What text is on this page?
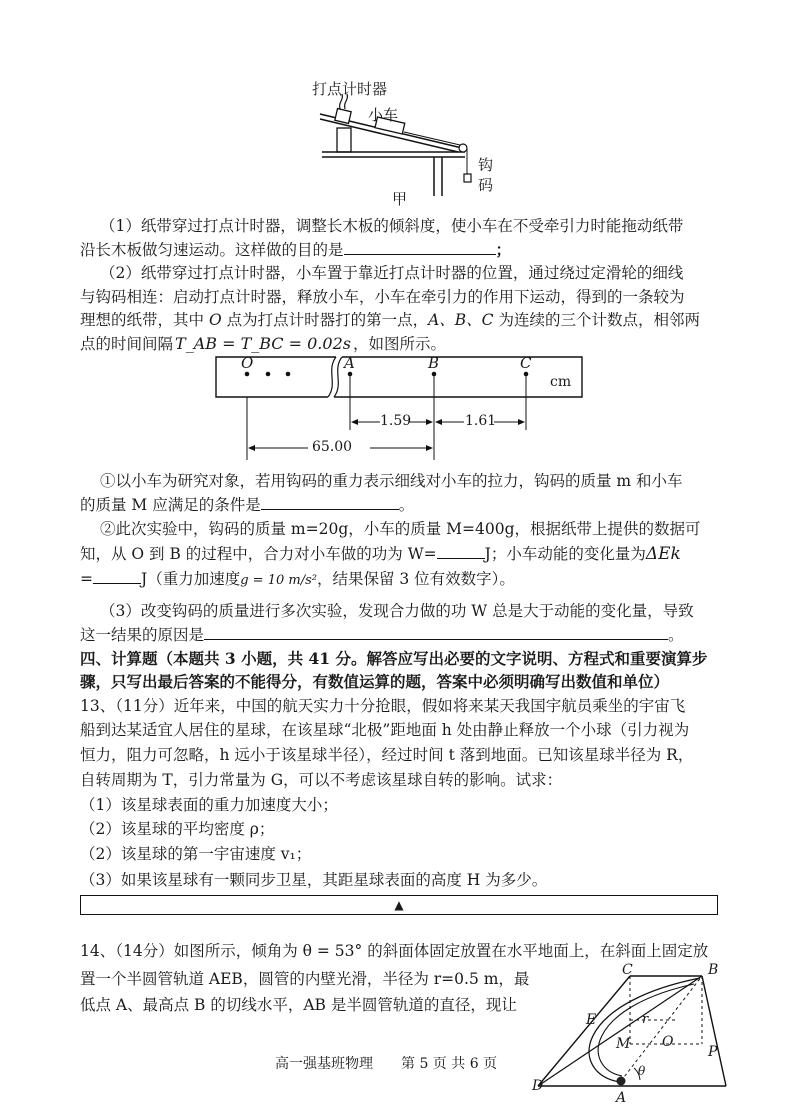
打点计时器
小车
钩
码
甲
（1）纸带穿过打点计时器，调整长木板的倾斜度，使小车在不受牵引力时能拖动纸带
沿长木板做匀速运动。这样做的目的是	；
（2）纸带穿过打点计时器，小车置于靠近打点计时器的位置，通过绕过定滑轮的细线
与钩码相连：启动打点计时器，释放小车，小车在牵引力的作用下运动，得到的一条较为
理想的纸带，其中 O 点为打点计时器打的第一点，A、B、C 为连续的三个计数点，相邻两
点的时间间隔 T_AB = T_BC = 0.02s ，如图所示。
O	A	B	C
cm
1.59	1.61
65.00
①以小车为研究对象，若用钩码的重力表示细线对小车的拉力，钩码的质量 m 和小车
的质量 M 应满足的条件是	。
②此次实验中，钩码的质量 m=20g，小车的质量 M=400g，根据纸带上提供的数据可
知，从 O 到 B 的过程中，合力对小车做的功为 W=	J；小车动能的变化量为ΔEk
=	J（重力加速度g = 10 m/s²，结果保留 3 位有效数字）。
（3）改变钩码的质量进行多次实验，发现合力做的功 W 总是大于动能的变化量，导致
这一结果的原因是	。
四、计算题（本题共 3 小题，共 41 分。解答应写出必要的文字说明、方程式和重要演算步
骤，只写出最后答案的不能得分，有数值运算的题，答案中必须明确写出数值和单位）
13、（11分）近年来，中国的航天实力十分抢眼，假如将来某天我国宇航员乘坐的宇宙飞
船到达某适宜人居住的星球，在该星球“北极”距地面 h 处由静止释放一个小球（引力视为
恒力，阻力可忽略，h 远小于该星球半径），经过时间 t 落到地面。已知该星球半径为 R，
自转周期为 T，引力常量为 G，可以不考虑该星球自转的影响。试求：
（1）该星球表面的重力加速度大小；
（2）该星球的平均密度 ρ；
（2）该星球的第一宇宙速度 v₁；
（3）如果该星球有一颗同步卫星，其距星球表面的高度 H 为多少。
▲
14、（14分）如图所示，倾角为 θ = 53° 的斜面体固定放置在水平地面上，在斜面上固定放
置一个半圆管轨道 AEB，圆管的内壁光滑，半径为 r=0.5 m，最
低点 A、最高点 B 的切线水平，AB 是半圆管轨道的直径，现让
C	B
E	r
M O
P
D
A
θ
高一强基班物理　　第 5 页 共 6 页
